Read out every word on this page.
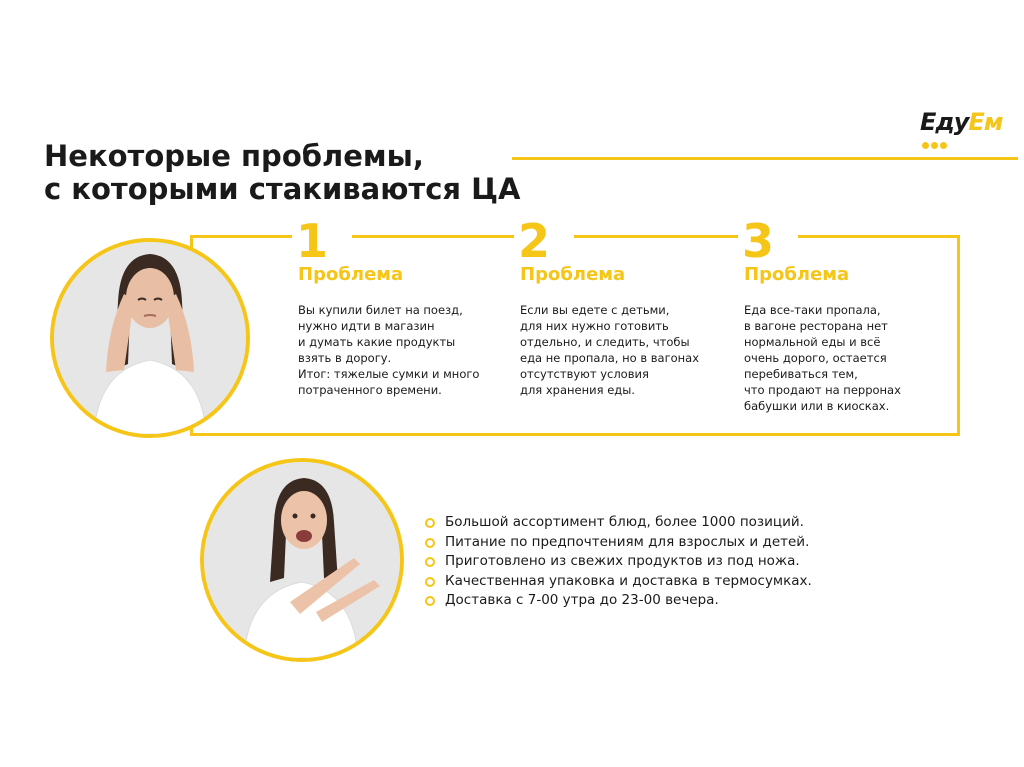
ЕдуЕм
Некоторые проблемы,
с которыми стакиваются ЦА
1
Проблема

Вы купили билет на поезд,
нужно идти в магазин
и думать какие продукты
взять в дорогу.
Итог: тяжелые сумки и много
потраченного времени.

2
Проблема

Если вы едете с детьми,
для них нужно готовить
отдельно, и следить, чтобы
еда не пропала, но в вагонах
отсутствуют условия
для хранения еды.

3
Проблема

Еда все-таки пропала,
в вагоне ресторана нет
нормальной еды и всё
очень дорого, остается
перебиваться тем,
что продают на перронах
бабушки или в киосках.

Большой ассортимент блюд, более 1000 позиций.
Питание по предпочтениям для взрослых и детей.
Приготовлено из свежих продуктов из под ножа.
Качественная упаковка и доставка в термосумках.
Доставка с 7-00 утра до 23-00 вечера.
